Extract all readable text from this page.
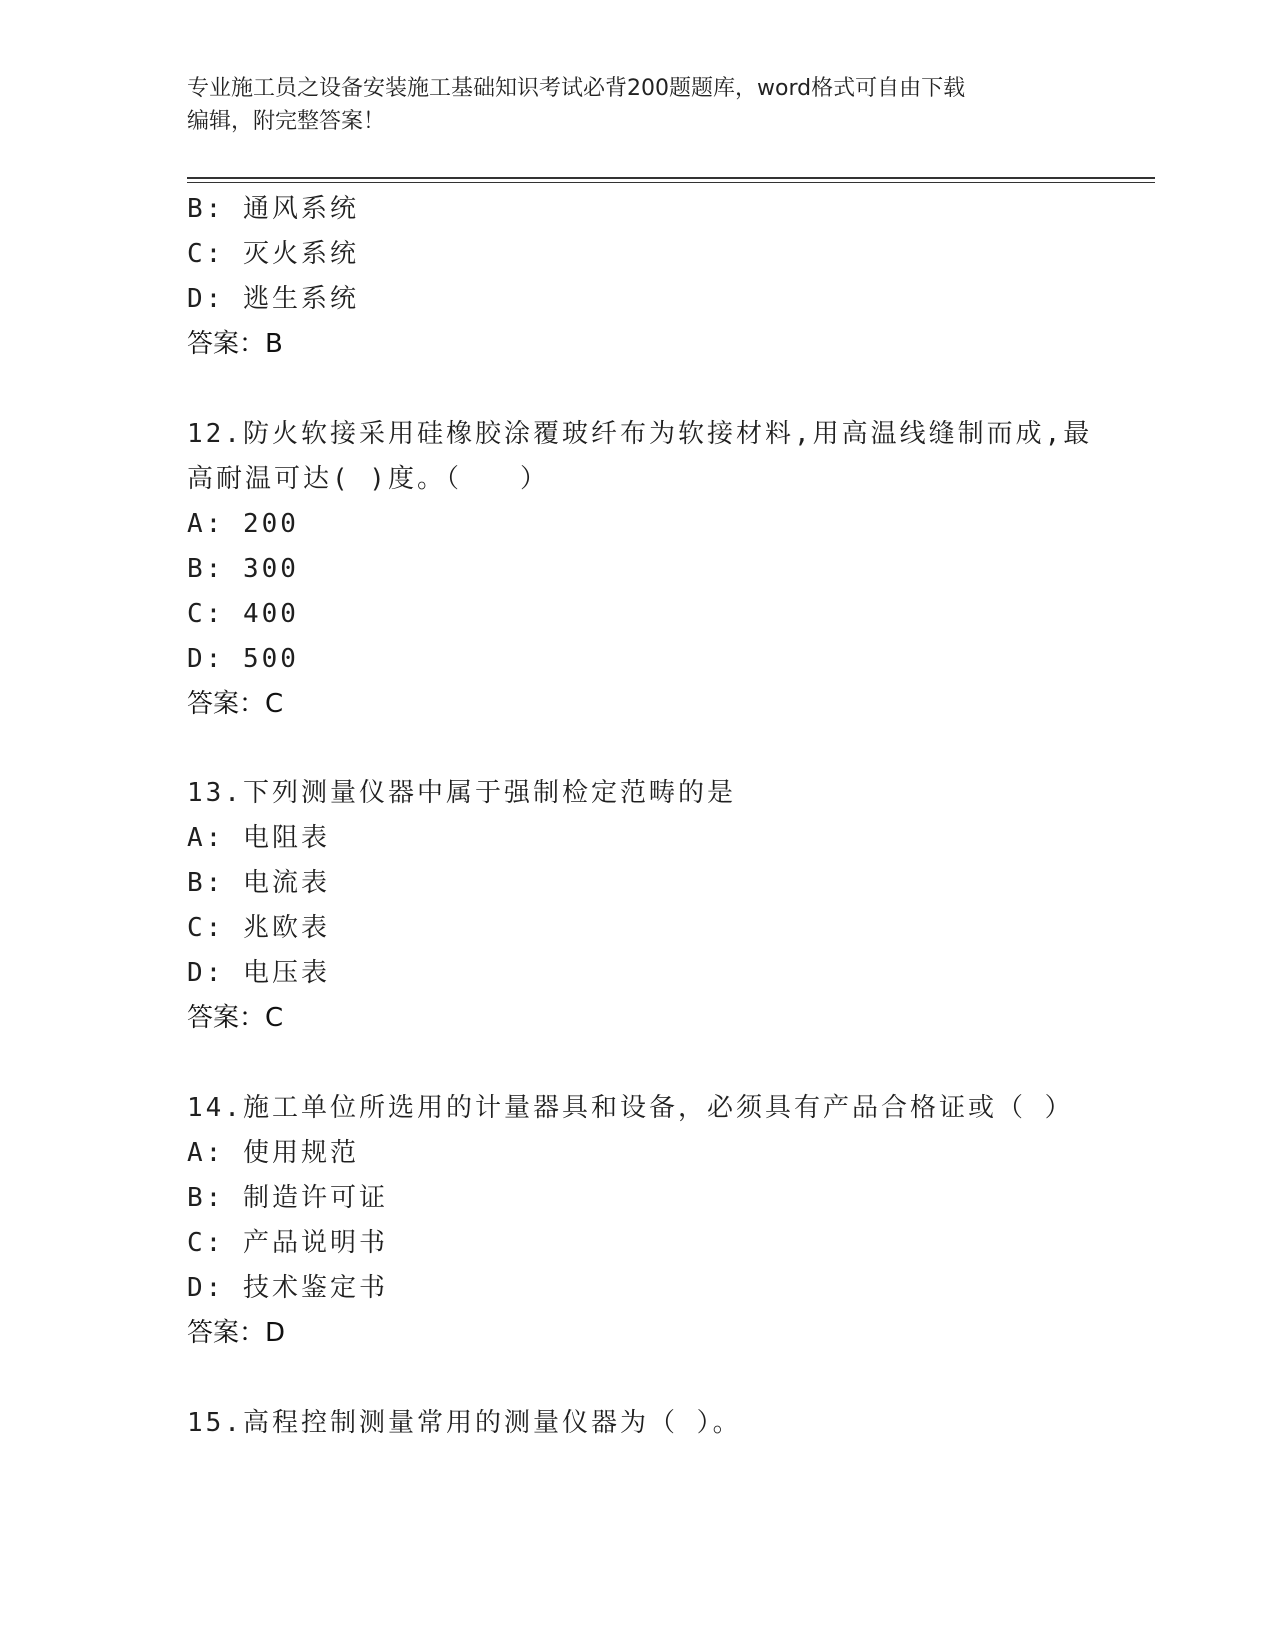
专业施工员之设备安装施工基础知识考试必背200题题库，word格式可自由下载
编辑，附完整答案！
B: 通风系统
C: 灭火系统
D: 逃生系统
答案：B
12.防火软接采用硅橡胶涂覆玻纤布为软接材料,用高温线缝制而成,最
高耐温可达( )度。（　　）
A: 200
B: 300
C: 400
D: 500
答案：C
13.下列测量仪器中属于强制检定范畴的是
A: 电阻表
B: 电流表
C: 兆欧表
D: 电压表
答案：C
14.施工单位所选用的计量器具和设备，必须具有产品合格证或（ ）
A: 使用规范
B: 制造许可证
C: 产品说明书
D: 技术鉴定书
答案：D
15.高程控制测量常用的测量仪器为（ ）。
